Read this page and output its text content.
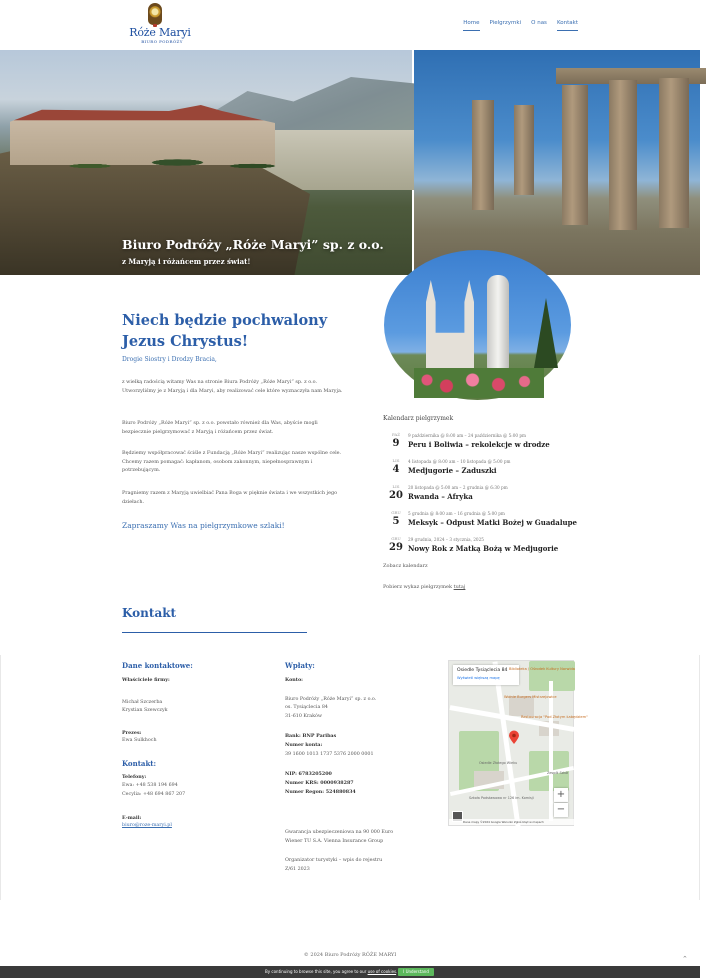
Róże Maryi
BIURO PODRÓŻY
Home Pielgrzymki O nas Kontakt
Biuro Podróży „Róże Maryi” sp. z o.o.
z Maryją i różańcem przez świat!
Niech będzie pochwalony Jezus Chrystus!
Drogie Siostry i Drodzy Bracia,

z wielką radością witamy Was na stronie Biura Podróży „Róże Maryi” sp. z o.o. Utworzyliśmy je z Maryją i dla Maryi, aby realizować cele które wyznaczyła nam Maryja.

Biuro Podróży „Róże Maryi” sp. z o.o. powstało również dla Was, abyście mogli bezpiecznie pielgrzymować z Maryją i różańcem przez świat.

Będziemy współpracować ściśle z Fundacją „Róże Maryi” realizując nasze wspólne cele. Chcemy razem pomagać: kapłanom, osobom zakonnym, niepełnosprawnym i potrzebującym.

Pragniemy razem z Maryją uwielbiać Pana Boga w pięknie świata i we wszystkich jego dziełach.

Zapraszamy Was na pielgrzymkowe szlaki!
Kalendarz pielgrzymek
PAŹ
9
9 października @ 8:00 am – 24 października @ 5:00 pm
Peru i Boliwia – rekolekcje w drodze
LIS
4
4 listopada @ 8:00 am – 10 listopada @ 5:00 pm
Medjugorie – Zaduszki
LIS
20
20 listopada @ 5:00 am – 2 grudnia @ 6:30 pm
Rwanda – Afryka
GRU
5
5 grudnia @ 8:00 am – 16 grudnia @ 5:00 pm
Meksyk – Odpust Matki Bożej w Guadalupe
GRU
29
29 grudnia, 2024 – 3 stycznia, 2025
Nowy Rok z Matką Bożą w Medjugorie
Zobacz kalendarz
Pobierz wykaz pielgrzymek tutaj
Kontakt
Dane kontaktowe:
Właściciele firmy:
Michał Szczerba
Krystian Szewczyk
Prezes:
Ewa Sulkhoch
Kontakt:
Telefony:
Ewa: +48 538 194 694
Cecylia: +48 694 867 207
E-mail:
biuro@roze-maryi.pl
Wpłaty:
Konto:
Biuro Podróży „Róże Maryi” sp. z o.o.
os. Tysiąclecia 84
31-610 Kraków
Bank: BNP Paribas
Numer konta:
39 1600 1013 1737 5376 2000 0001
NIP: 6783205200
Numer KRS: 0000938287
Numer Regon: 524880834
Gwarancja ubezpieczeniowa na 90 000 Euro
Wiener TU S.A. Vienna Insurance Group
Organizator turystyki – wpis do rejestru
Z/61 2023
Osiedle Tysiąclecia 84
Wyświetl większą mapę
Biblioteka / Ośrodek Kultury Norwida
Wolnie Burgers Mistrzejowice
Restauracja "Pod Złotym Łabędziem"
Osiedle Złotego Wieku
Zespół Szkół
Szkoła Podstawowa nr 126 im. Komisji +
−
Dane mapy ©2024 Google Warunki Zgłoś błąd w mapach
© 2024 Biuro Podróży RÓŻE MARYI	⌃
By continuing to browse this site, you agree to our use of cookies.	I Understand
